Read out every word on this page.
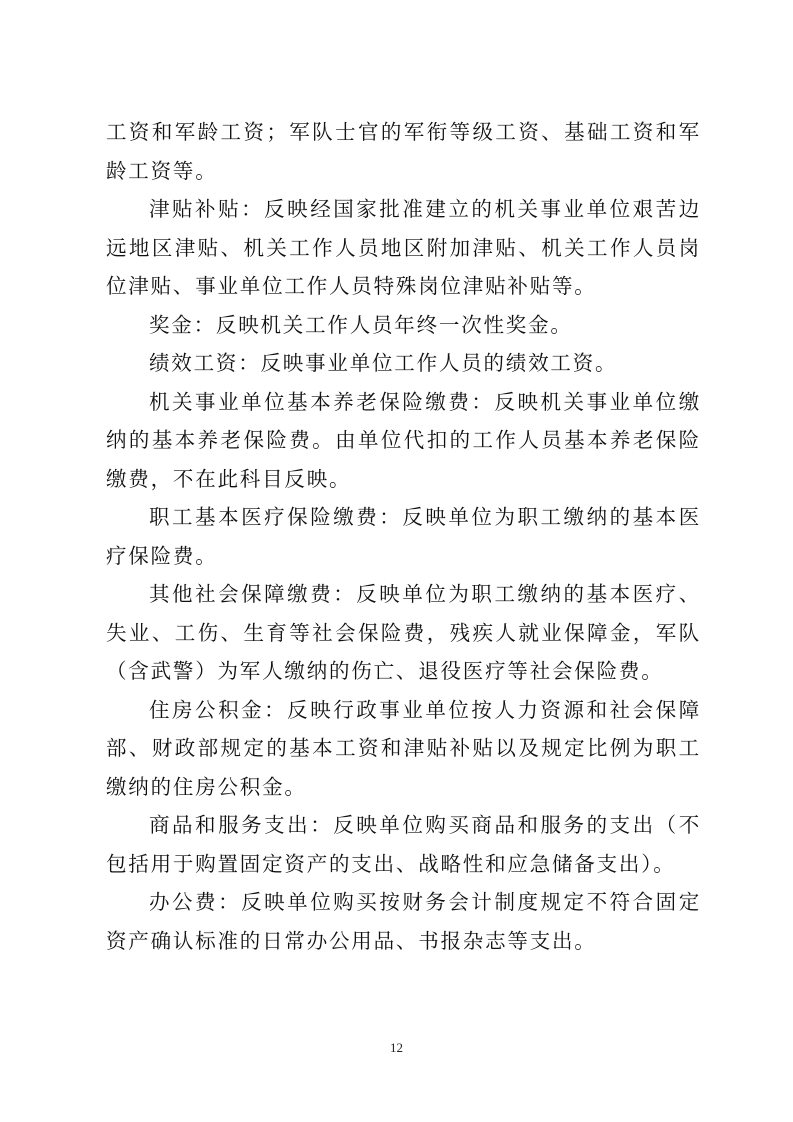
工资和军龄工资；军队士官的军衔等级工资、基础工资和军龄工资等。

津贴补贴：反映经国家批准建立的机关事业单位艰苦边远地区津贴、机关工作人员地区附加津贴、机关工作人员岗位津贴、事业单位工作人员特殊岗位津贴补贴等。

奖金：反映机关工作人员年终一次性奖金。

绩效工资：反映事业单位工作人员的绩效工资。

机关事业单位基本养老保险缴费：反映机关事业单位缴纳的基本养老保险费。由单位代扣的工作人员基本养老保险缴费，不在此科目反映。

职工基本医疗保险缴费：反映单位为职工缴纳的基本医疗保险费。

其他社会保障缴费：反映单位为职工缴纳的基本医疗、失业、工伤、生育等社会保险费，残疾人就业保障金，军队（含武警）为军人缴纳的伤亡、退役医疗等社会保险费。

住房公积金：反映行政事业单位按人力资源和社会保障部、财政部规定的基本工资和津贴补贴以及规定比例为职工缴纳的住房公积金。

商品和服务支出：反映单位购买商品和服务的支出（不包括用于购置固定资产的支出、战略性和应急储备支出）。

办公费：反映单位购买按财务会计制度规定不符合固定资产确认标准的日常办公用品、书报杂志等支出。

12
